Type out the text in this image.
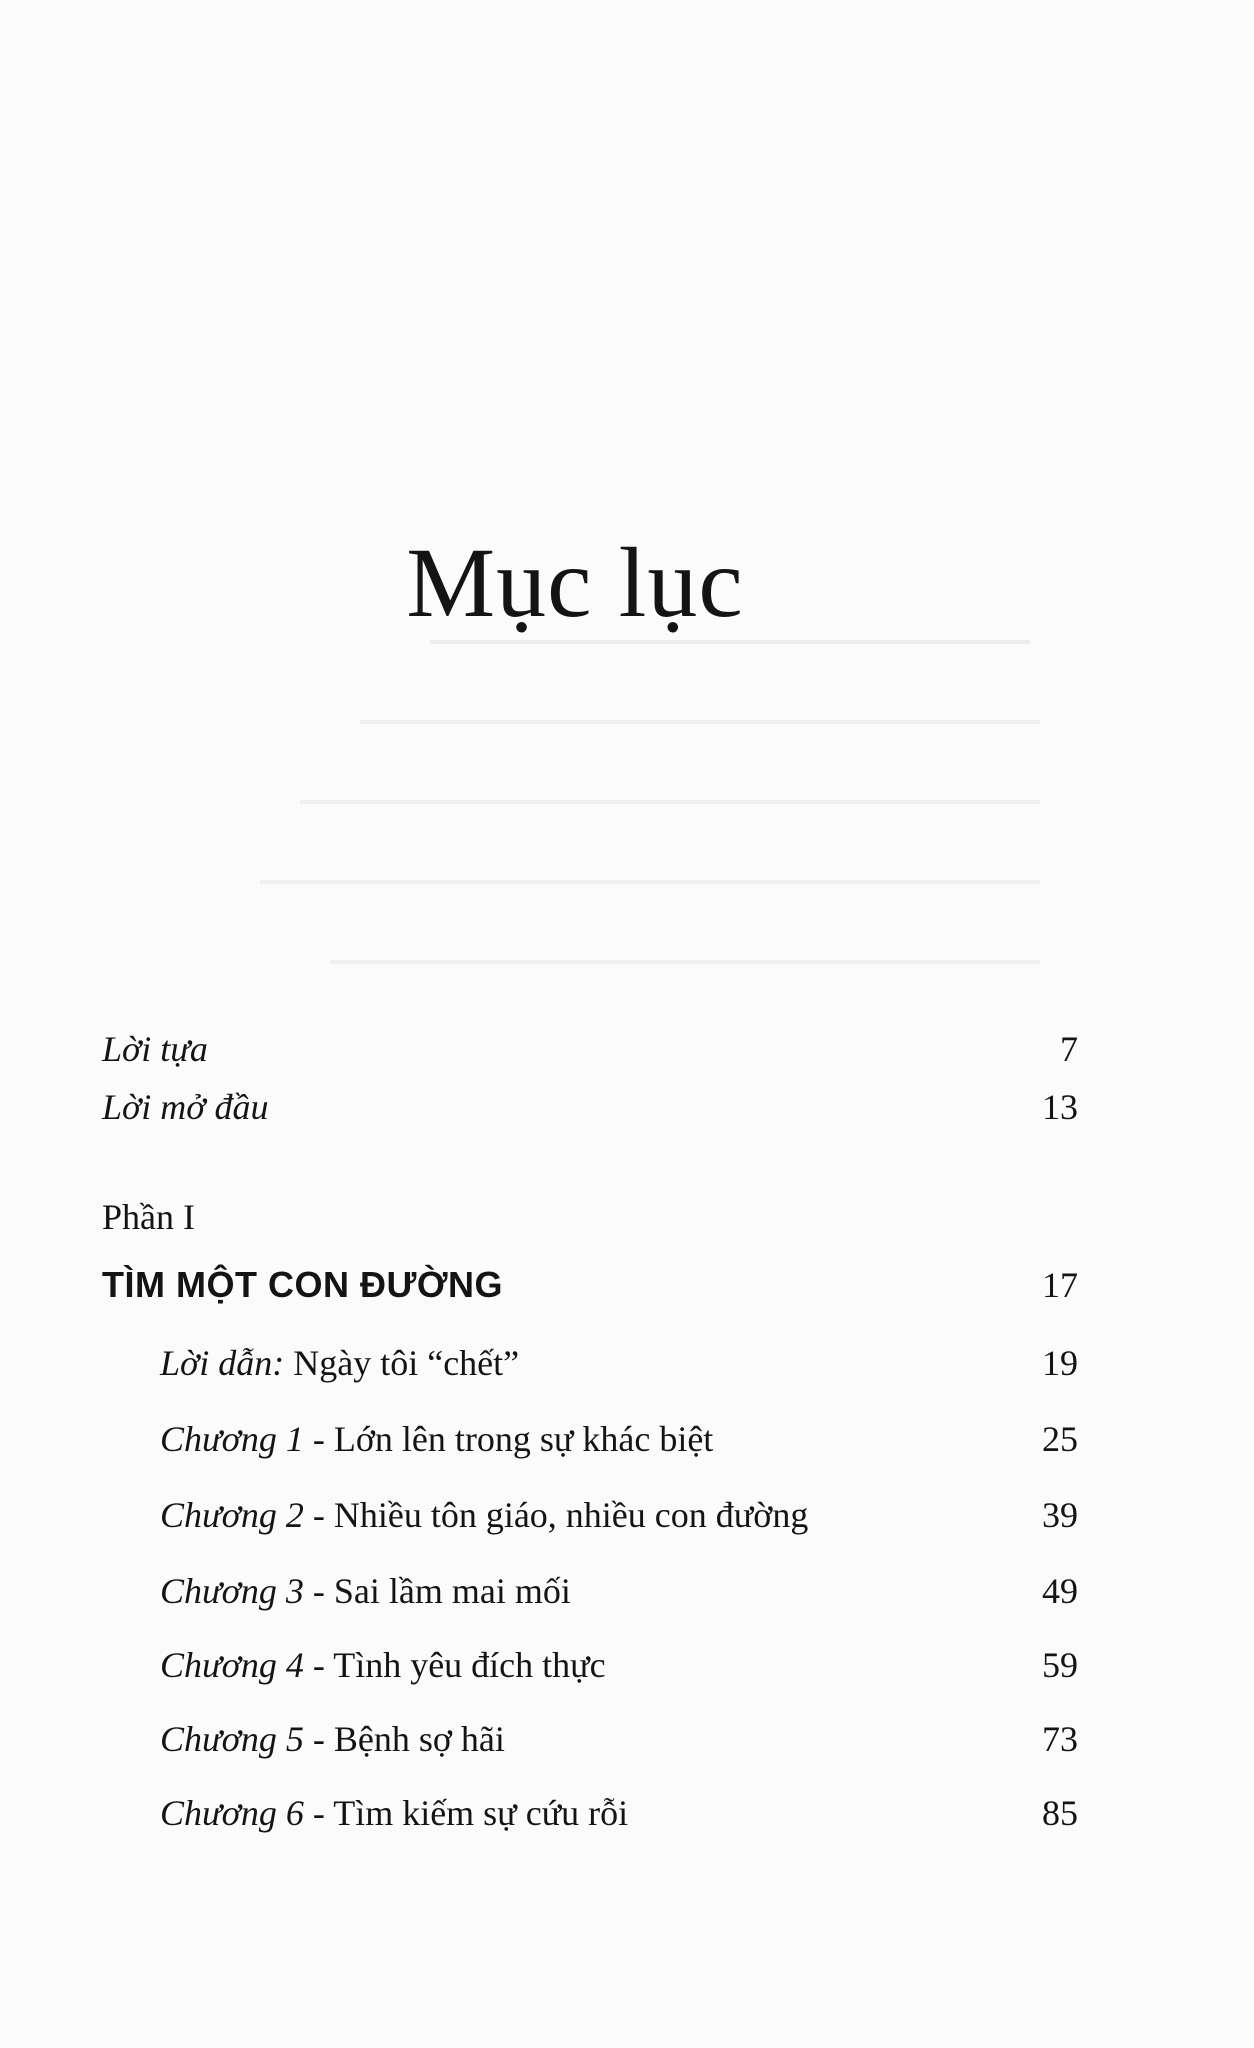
Mục lục
Lời tựa	7
Lời mở đầu	13
Phần I
TÌM MỘT CON ĐƯỜNG	17
Lời dẫn: Ngày tôi “chết”	19
Chương 1 - Lớn lên trong sự khác biệt	25
Chương 2 - Nhiều tôn giáo, nhiều con đường	39
Chương 3 - Sai lầm mai mối	49
Chương 4 - Tình yêu đích thực	59
Chương 5 - Bệnh sợ hãi	73
Chương 6 - Tìm kiếm sự cứu rỗi	85
